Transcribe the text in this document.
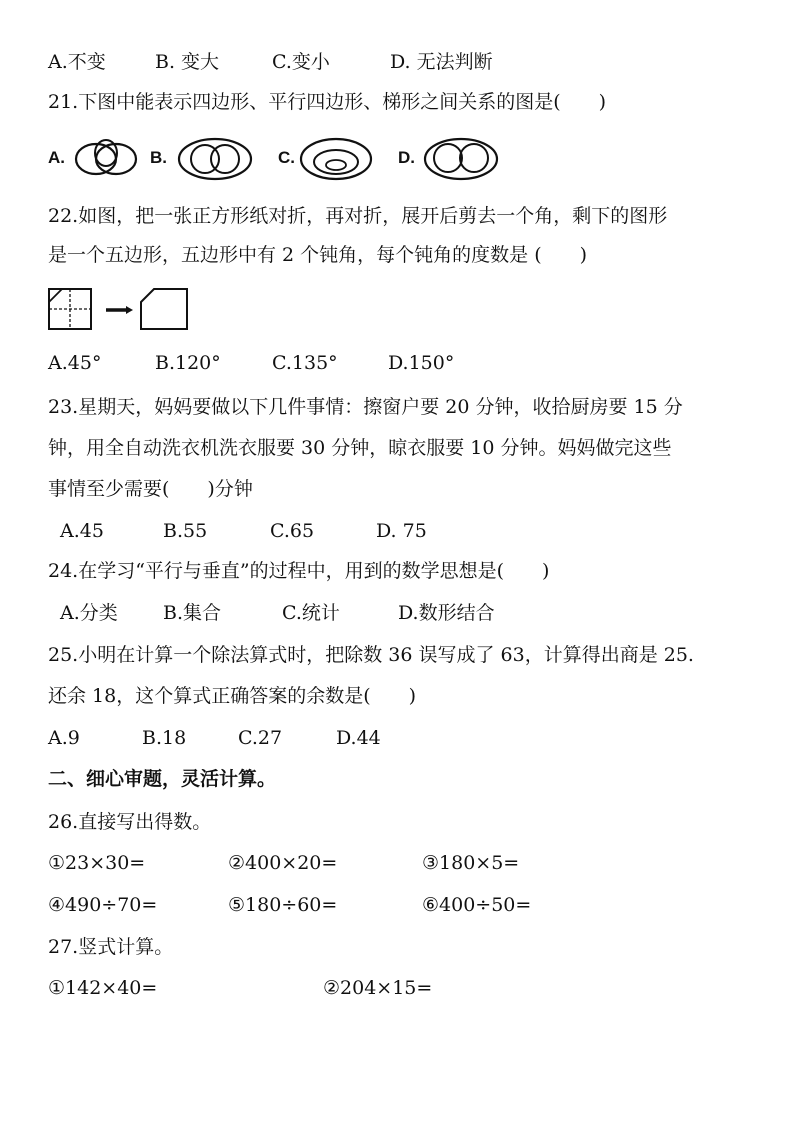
A.不变	B. 变大	C.变小	D. 无法判断
21.下图中能表示四边形、平行四边形、梯形之间关系的图是(　　)
A.	B.	C.	D.
22.如图，把一张正方形纸对折，再对折，展开后剪去一个角，剩下的图形
是一个五边形，五边形中有 2 个钝角，每个钝角的度数是 (　　)
A.45°	B.120°	C.135°	D.150°
23.星期天，妈妈要做以下几件事情：擦窗户要 20 分钟，收拾厨房要 15 分
钟，用全自动洗衣机洗衣服要 30 分钟，晾衣服要 10 分钟。妈妈做完这些
事情至少需要(　　)分钟
A.45	B.55	C.65	D. 75
24.在学习“平行与垂直”的过程中，用到的数学思想是(　　)
A.分类 B.集合	C.统计	D.数形结合
25.小明在计算一个除法算式时，把除数 36 误写成了 63，计算得出商是 25.
还余 18，这个算式正确答案的余数是(　　)
A.9	B.18	C.27	D.44
二、细心审题，灵活计算。
26.直接写出得数。
①23×30=	②400×20=	③180×5=
④490÷70=	⑤180÷60=	⑥400÷50=
27.竖式计算。
①142×40=	②204×15=
